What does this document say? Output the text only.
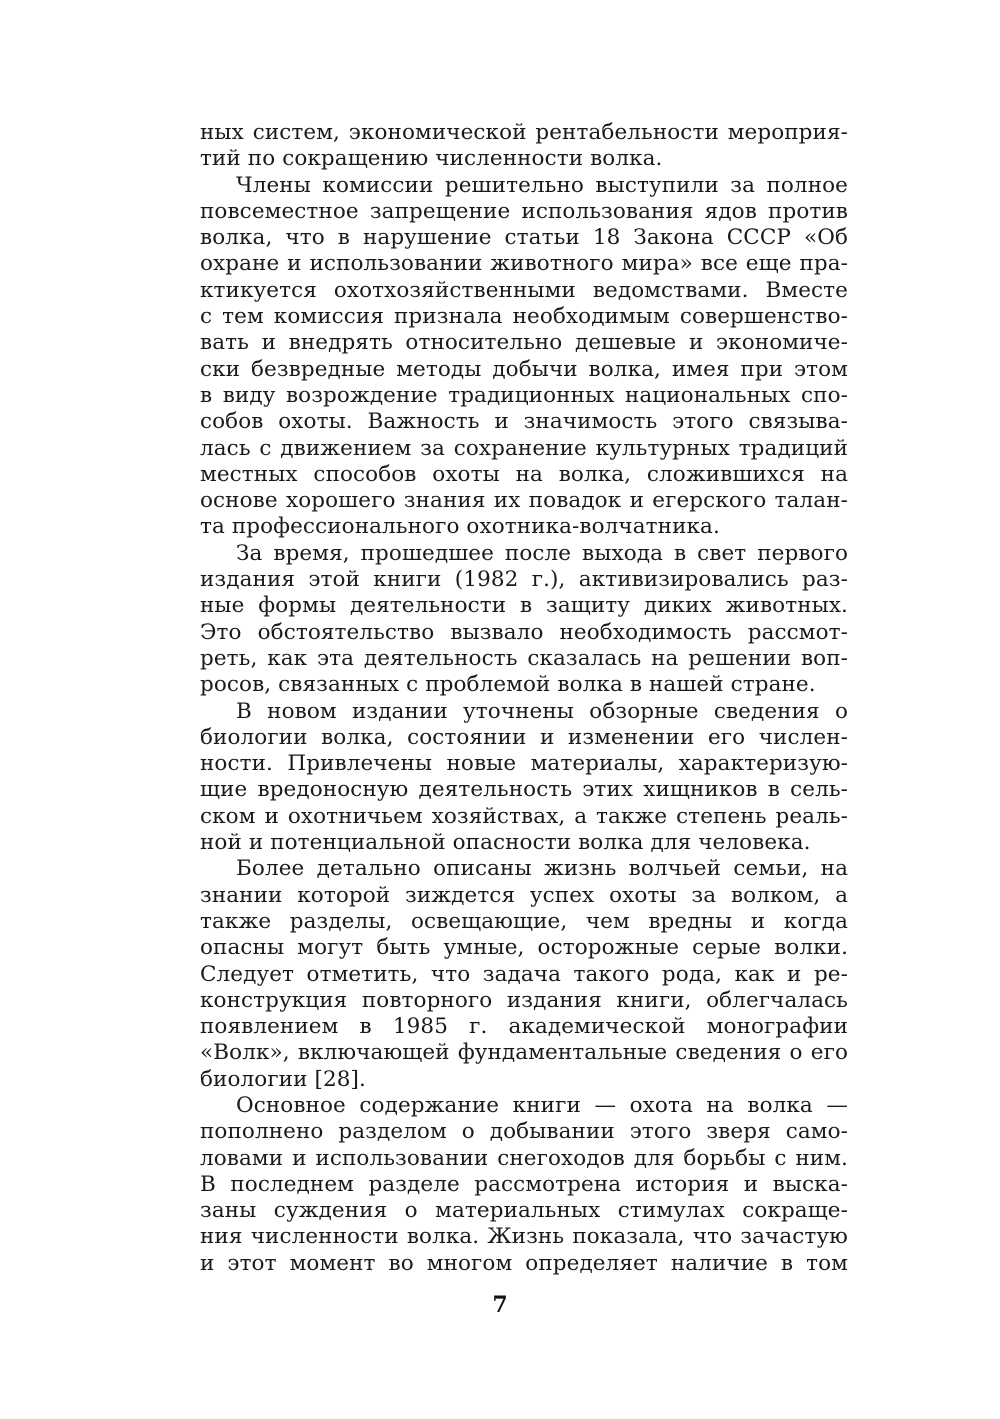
ных систем, экономической рентабельности мероприя-
тий по сокращению численности волка.
Члены комиссии решительно выступили за полное
повсеместное запрещение использования ядов против
волка, что в нарушение статьи 18 Закона СССР «Об
охране и использовании животного мира» все еще пра-
ктикуется охотхозяйственными ведомствами. Вместе
с тем комиссия признала необходимым совершенство-
вать и внедрять относительно дешевые и экономиче-
ски безвредные методы добычи волка, имея при этом
в виду возрождение традиционных национальных спо-
собов охоты. Важность и значимость этого связыва-
лась с движением за сохранение культурных традиций
местных способов охоты на волка, сложившихся на
основе хорошего знания их повадок и егерского талан-
та профессионального охотника-волчатника.
За время, прошедшее после выхода в свет первого
издания этой книги (1982 г.), активизировались раз-
ные формы деятельности в защиту диких животных.
Это обстоятельство вызвало необходимость рассмот-
реть, как эта деятельность сказалась на решении воп-
росов, связанных с проблемой волка в нашей стране.
В новом издании уточнены обзорные сведения о
биологии волка, состоянии и изменении его числен-
ности. Привлечены новые материалы, характеризую-
щие вредоносную деятельность этих хищников в сель-
ском и охотничьем хозяйствах, а также степень реаль-
ной и потенциальной опасности волка для человека.
Более детально описаны жизнь волчьей семьи, на
знании которой зиждется успех охоты за волком, а
также разделы, освещающие, чем вредны и когда
опасны могут быть умные, осторожные серые волки.
Следует отметить, что задача такого рода, как и ре-
конструкция повторного издания книги, облегчалась
появлением в 1985 г. академической монографии
«Волк», включающей фундаментальные сведения о его
биологии [28].
Основное содержание книги — охота на волка —
пополнено разделом о добывании этого зверя само-
ловами и использовании снегоходов для борьбы с ним.
В последнем разделе рассмотрена история и выска-
заны суждения о материальных стимулах сокраще-
ния численности волка. Жизнь показала, что зачастую
и этот момент во многом определяет наличие в том
7
